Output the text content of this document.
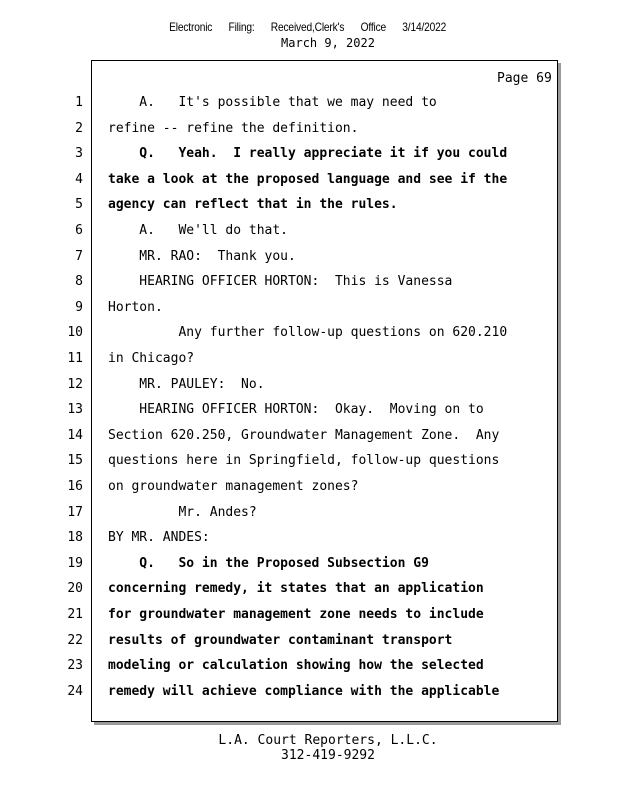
Electronic Filing: Received,Clerk's Office 3/14/2022
March 9, 2022
Page 69
1 A.   It's possible that we may need to
2 refine -- refine the definition.
3 Q.   Yeah.  I really appreciate it if you could
4 take a look at the proposed language and see if the
5 agency can reflect that in the rules.
6 A.   We'll do that.
7 MR. RAO:  Thank you.
8 HEARING OFFICER HORTON:  This is Vanessa
9 Horton.
10 Any further follow-up questions on 620.210
11 in Chicago?
12 MR. PAULEY:  No.
13 HEARING OFFICER HORTON:  Okay.  Moving on to
14 Section 620.250, Groundwater Management Zone.  Any
15 questions here in Springfield, follow-up questions
16 on groundwater management zones?
17 Mr. Andes?
18 BY MR. ANDES:
19 Q.   So in the Proposed Subsection G9
20 concerning remedy, it states that an application
21 for groundwater management zone needs to include
22 results of groundwater contaminant transport
23 modeling or calculation showing how the selected
24 remedy will achieve compliance with the applicable
L.A. Court Reporters, L.L.C.
312-419-9292
